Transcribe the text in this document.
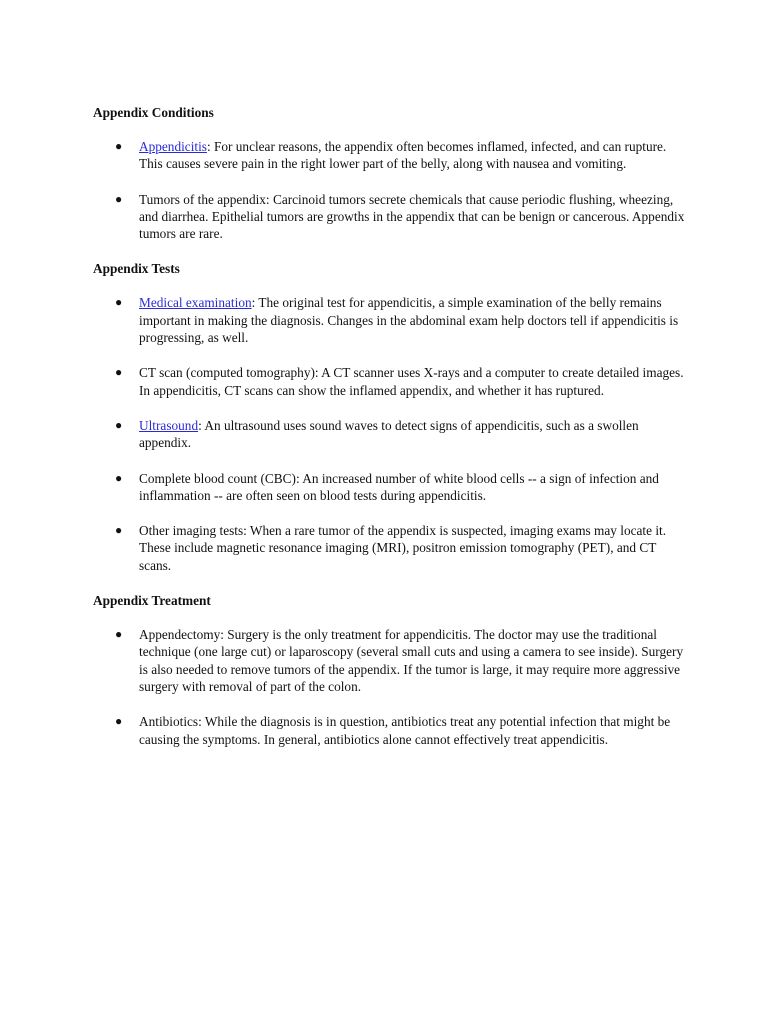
Appendix Conditions
● Appendicitis: For unclear reasons, the appendix often becomes inflamed, infected, and can rupture. This causes severe pain in the right lower part of the belly, along with nausea and vomiting.
● Tumors of the appendix: Carcinoid tumors secrete chemicals that cause periodic flushing, wheezing, and diarrhea. Epithelial tumors are growths in the appendix that can be benign or cancerous. Appendix tumors are rare.
Appendix Tests
● Medical examination: The original test for appendicitis, a simple examination of the belly remains important in making the diagnosis. Changes in the abdominal exam help doctors tell if appendicitis is progressing, as well.
● CT scan (computed tomography): A CT scanner uses X-rays and a computer to create detailed images. In appendicitis, CT scans can show the inflamed appendix, and whether it has ruptured.
● Ultrasound: An ultrasound uses sound waves to detect signs of appendicitis, such as a swollen appendix.
● Complete blood count (CBC): An increased number of white blood cells -- a sign of infection and inflammation -- are often seen on blood tests during appendicitis.
● Other imaging tests: When a rare tumor of the appendix is suspected, imaging exams may locate it. These include magnetic resonance imaging (MRI), positron emission tomography (PET), and CT scans.
Appendix Treatment
● Appendectomy: Surgery is the only treatment for appendicitis. The doctor may use the traditional technique (one large cut) or laparoscopy (several small cuts and using a camera to see inside). Surgery is also needed to remove tumors of the appendix. If the tumor is large, it may require more aggressive surgery with removal of part of the colon.
● Antibiotics: While the diagnosis is in question, antibiotics treat any potential infection that might be causing the symptoms. In general, antibiotics alone cannot effectively treat appendicitis.
